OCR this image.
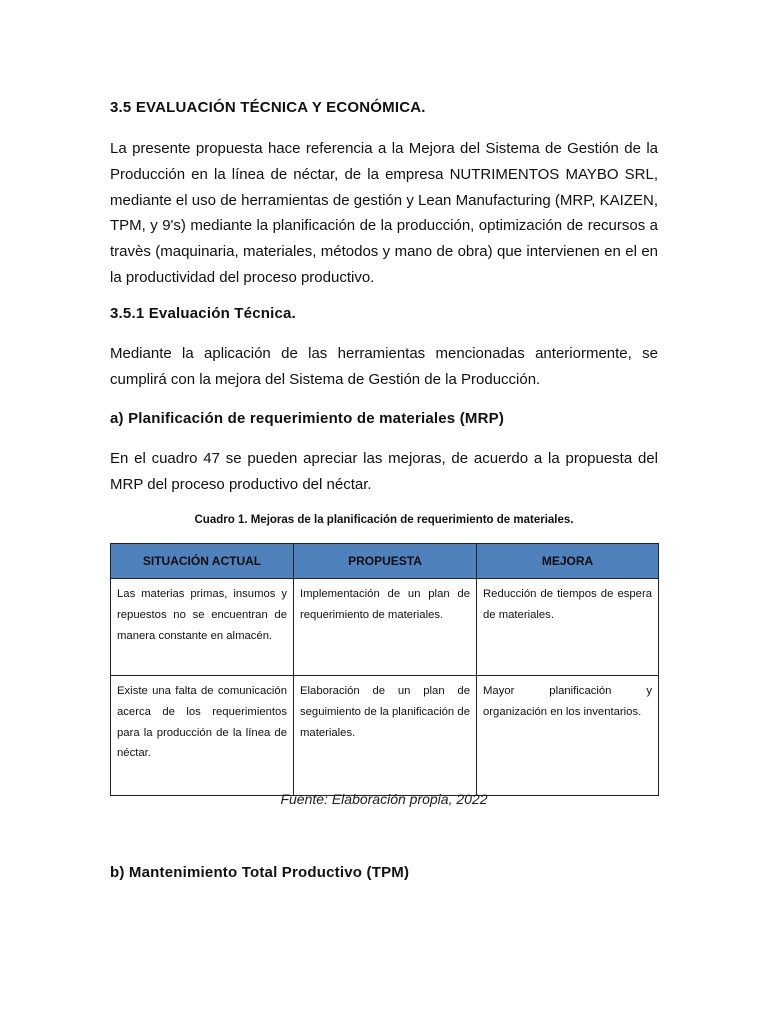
3.5 EVALUACIÓN TÉCNICA Y ECONÓMICA.

La presente propuesta hace referencia a la Mejora del Sistema de Gestión de la Producción en la línea de néctar, de la empresa NUTRIMENTOS MAYBO SRL, mediante el uso de herramientas de gestión y Lean Manufacturing (MRP, KAIZEN, TPM, y 9's) mediante la planificación de la producción, optimización de recursos a travès (maquinaria, materiales, métodos y mano de obra) que intervienen en el en la productividad del proceso productivo.

3.5.1 Evaluación Técnica.

Mediante la aplicación de las herramientas mencionadas anteriormente, se cumplirá con la mejora del Sistema de Gestión de la Producción.

a) Planificación de requerimiento de materiales (MRP)

En el cuadro 47 se pueden apreciar las mejoras, de acuerdo a la propuesta del MRP del proceso productivo del néctar.

Cuadro 1. Mejoras de la planificación de requerimiento de materiales.
SITUACIÓN ACTUAL	PROPUESTA	MEJORA
Las materias primas, insumos y repuestos no se encuentran de manera constante en almacén.	Implementación de un plan de requerimiento de materiales.	Reducción de tiempos de espera de materiales.
Existe una falta de comunicación acerca de los requerimientos para la producción de la línea de néctar.	Elaboración de un plan de seguimiento de la planificación de materiales.	Mayor planificación y organización en los inventarios.
Fuente: Elaboración propia, 2022
b) Mantenimiento Total Productivo (TPM)
